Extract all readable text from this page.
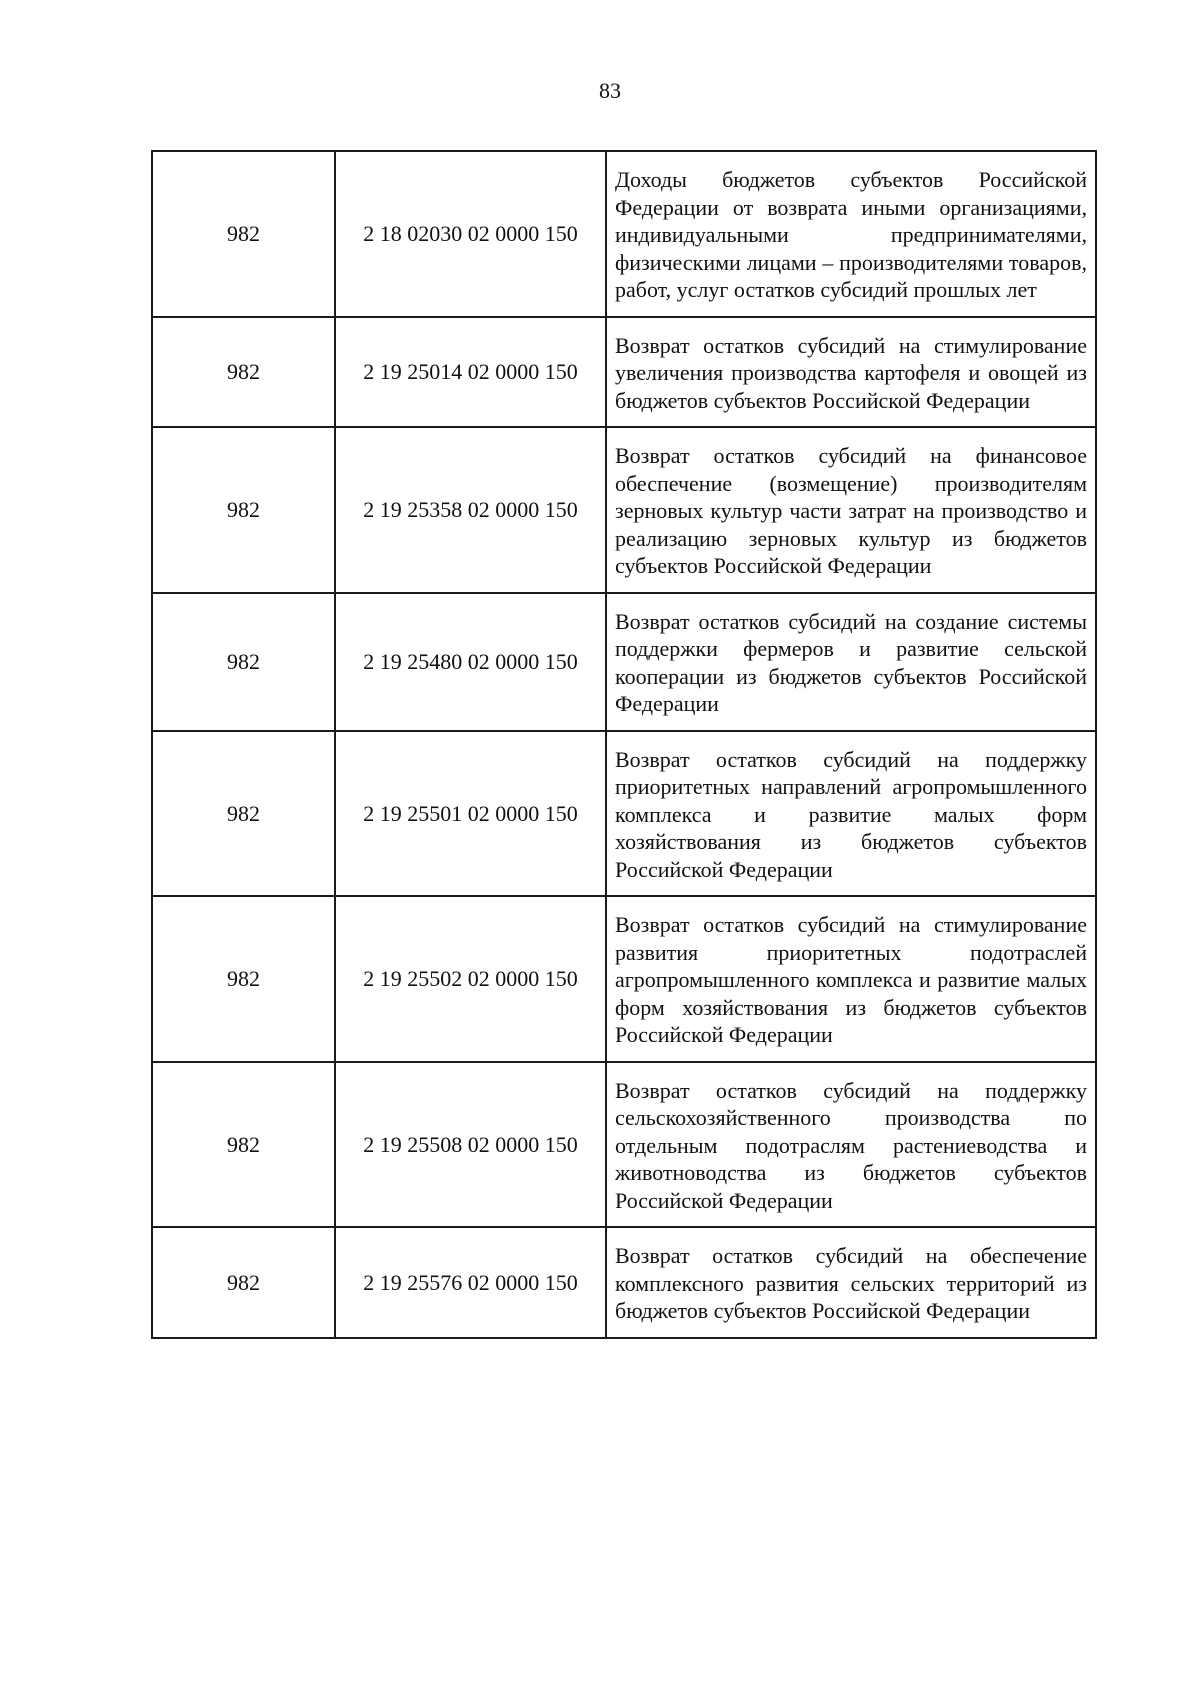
83
982	2 18 02030 02 0000 150	Доходы бюджетов субъектов Российской Федерации от возврата иными организациями, индивидуальными предпринимателями, физическими лицами – производителями товаров, работ, услуг остатков субсидий прошлых лет
982	2 19 25014 02 0000 150	Возврат остатков субсидий на стимулирование увеличения производства картофеля и овощей из бюджетов субъектов Российской Федерации
982	2 19 25358 02 0000 150	Возврат остатков субсидий на финансовое обеспечение (возмещение) производителям зерновых культур части затрат на производство и реализацию зерновых культур из бюджетов субъектов Российской Федерации
982	2 19 25480 02 0000 150	Возврат остатков субсидий на создание системы поддержки фермеров и развитие сельской кооперации из бюджетов субъектов Российской Федерации
982	2 19 25501 02 0000 150	Возврат остатков субсидий на поддержку приоритетных направлений агропромышленного комплекса и развитие малых форм хозяйствования из бюджетов субъектов Российской Федерации
982	2 19 25502 02 0000 150	Возврат остатков субсидий на стимулирование развития приоритетных подотраслей агропромышленного комплекса и развитие малых форм хозяйствования из бюджетов субъектов Российской Федерации
982	2 19 25508 02 0000 150	Возврат остатков субсидий на поддержку сельскохозяйственного производства по отдельным подотраслям растениеводства и животноводства из бюджетов субъектов Российской Федерации
982	2 19 25576 02 0000 150	Возврат остатков субсидий на обеспечение комплексного развития сельских территорий из бюджетов субъектов Российской Федерации
